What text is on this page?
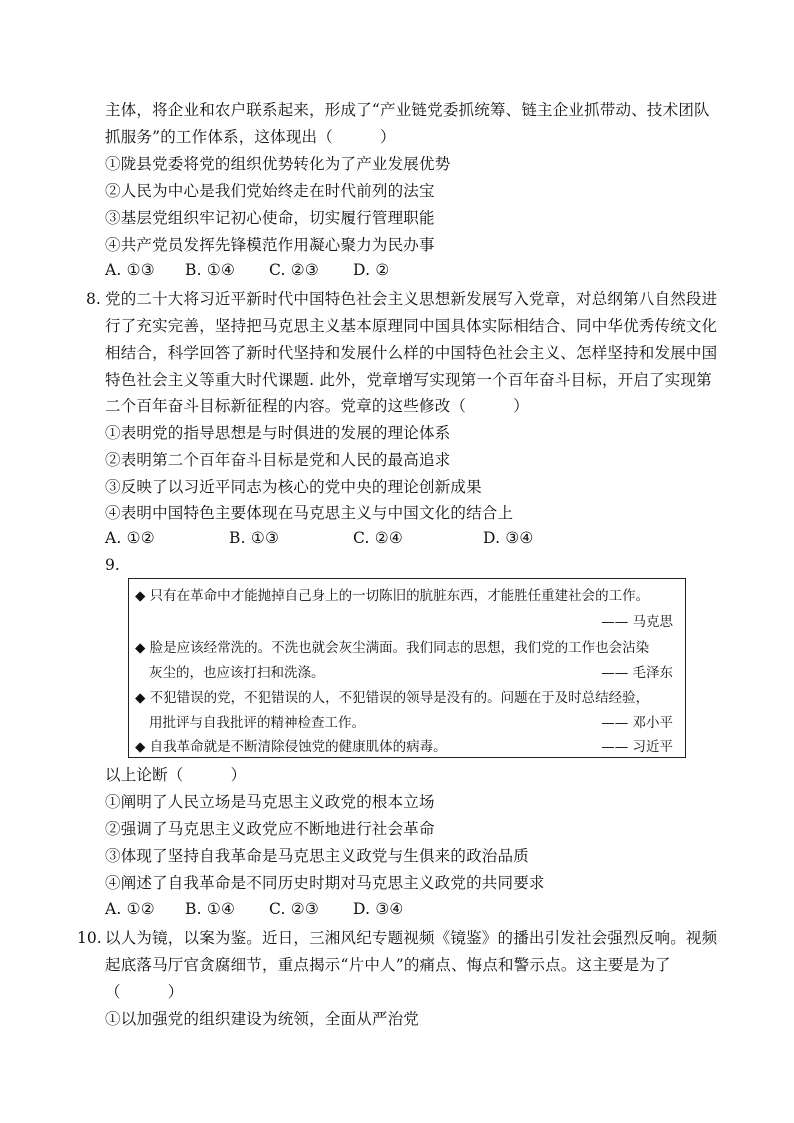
主体，将企业和农户联系起来，形成了“产业链党委抓统筹、链主企业抓带动、技术团队
抓服务”的工作体系，这体现出（　　　）
①陇县党委将党的组织优势转化为了产业发展优势
②人民为中心是我们党始终走在时代前列的法宝
③基层党组织牢记初心使命，切实履行管理职能
④共产党员发挥先锋模范作用凝心聚力为民办事
A. ①③ B. ①④ C. ②③ D. ②
8. 党的二十大将习近平新时代中国特色社会主义思想新发展写入党章，对总纲第八自然段进
行了充实完善，坚持把马克思主义基本原理同中国具体实际相结合、同中华优秀传统文化
相结合，科学回答了新时代坚持和发展什么样的中国特色社会主义、怎样坚持和发展中国
特色社会主义等重大时代课题. 此外，党章增写实现第一个百年奋斗目标，开启了实现第
二个百年奋斗目标新征程的内容。党章的这些修改（　　　）
①表明党的指导思想是与时俱进的发展的理论体系
②表明第二个百年奋斗目标是党和人民的最高追求
③反映了以习近平同志为核心的党中央的理论创新成果
④表明中国特色主要体现在马克思主义与中国文化的结合上
A. ①②	B. ①③	C. ②④	D. ③④
9.
◆ 只有在革命中才能抛掉自己身上的一切陈旧的肮脏东西，才能胜任重建社会的工作。
—— 马克思
◆ 脸是应该经常洗的。不洗也就会灰尘满面。我们同志的思想，我们党的工作也会沾染
灰尘的，也应该打扫和洗涤。	—— 毛泽东
◆ 不犯错误的党，不犯错误的人，不犯错误的领导是没有的。问题在于及时总结经验，
用批评与自我批评的精神检查工作。	—— 邓小平
◆ 自我革命就是不断清除侵蚀党的健康肌体的病毒。	—— 习近平
以上论断（　　　）
①阐明了人民立场是马克思主义政党的根本立场
②强调了马克思主义政党应不断地进行社会革命
③体现了坚持自我革命是马克思主义政党与生俱来的政治品质
④阐述了自我革命是不同历史时期对马克思主义政党的共同要求
A. ①② B. ①④ C. ②③ D. ③④
10. 以人为镜，以案为鉴。近日，三湘风纪专题视频《镜鉴》的播出引发社会强烈反响。视频
起底落马厅官贪腐细节，重点揭示“片中人”的痛点、悔点和警示点。这主要是为了
（　　　）
①以加强党的组织建设为统领，全面从严治党
